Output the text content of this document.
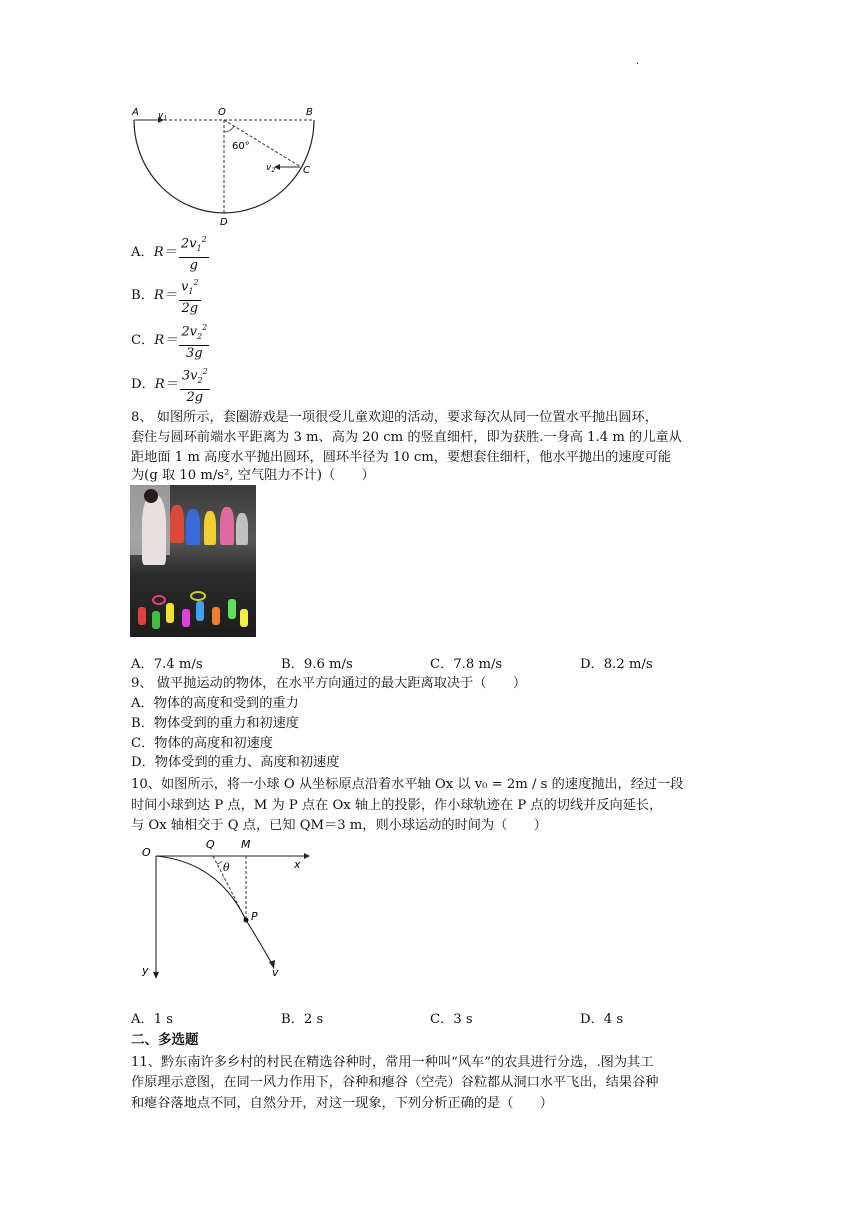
.
A $v_1$
O	B
60°
$v_2$	C
D
A．$R= \frac{2v_1^2}{g}$
B．$R= \frac{v_1^2}{2g}$
C．$R= \frac{2v_2^2}{3g}$
D．$R= \frac{3v_2^2}{2g}$
8、 如图所示，套圈游戏是一项很受儿童欢迎的活动，要求每次从同一位置水平抛出圆环，
套住与圆环前端水平距离为 3 m、高为 20 cm 的竖直细杆，即为获胜.一身高 1.4 m 的儿童从
距地面 1 m 高度水平抛出圆环，圆环半径为 10 cm，要想套住细杆，他水平抛出的速度可能
为(g 取 10 m/s², 空气阻力不计)（　　）
A．7.4 m/s	B．9.6 m/s	C．7.8 m/s	D．8.2 m/s
9、 做平抛运动的物体，在水平方向通过的最大距离取决于（　　）
A．物体的高度和受到的重力
B．物体受到的重力和初速度
C．物体的高度和初速度
D．物体受到的重力、高度和初速度
10、如图所示，将一小球 O 从坐标原点沿着水平轴 Ox 以 v₀ = 2m / s 的速度抛出，经过一段
时间小球到达 P 点，M 为 P 点在 Ox 轴上的投影，作小球轨迹在 P 点的切线并反向延长，
与 Ox 轴相交于 Q 点，已知 QM＝3 m，则小球运动的时间为（　　）
O
Q M
x
θ
P
y	v
A．1 s	B．2 s	C．3 s	D．4 s
二、多选题
11、黔东南许多乡村的村民在精选谷种时，常用一种叫“风车”的农具进行分选，.图为其工
作原理示意图，在同一风力作用下，谷种和瘪谷（空壳）谷粒都从洞口水平飞出，结果谷种
和瘪谷落地点不同，自然分开，对这一现象，下列分析正确的是（　　）
